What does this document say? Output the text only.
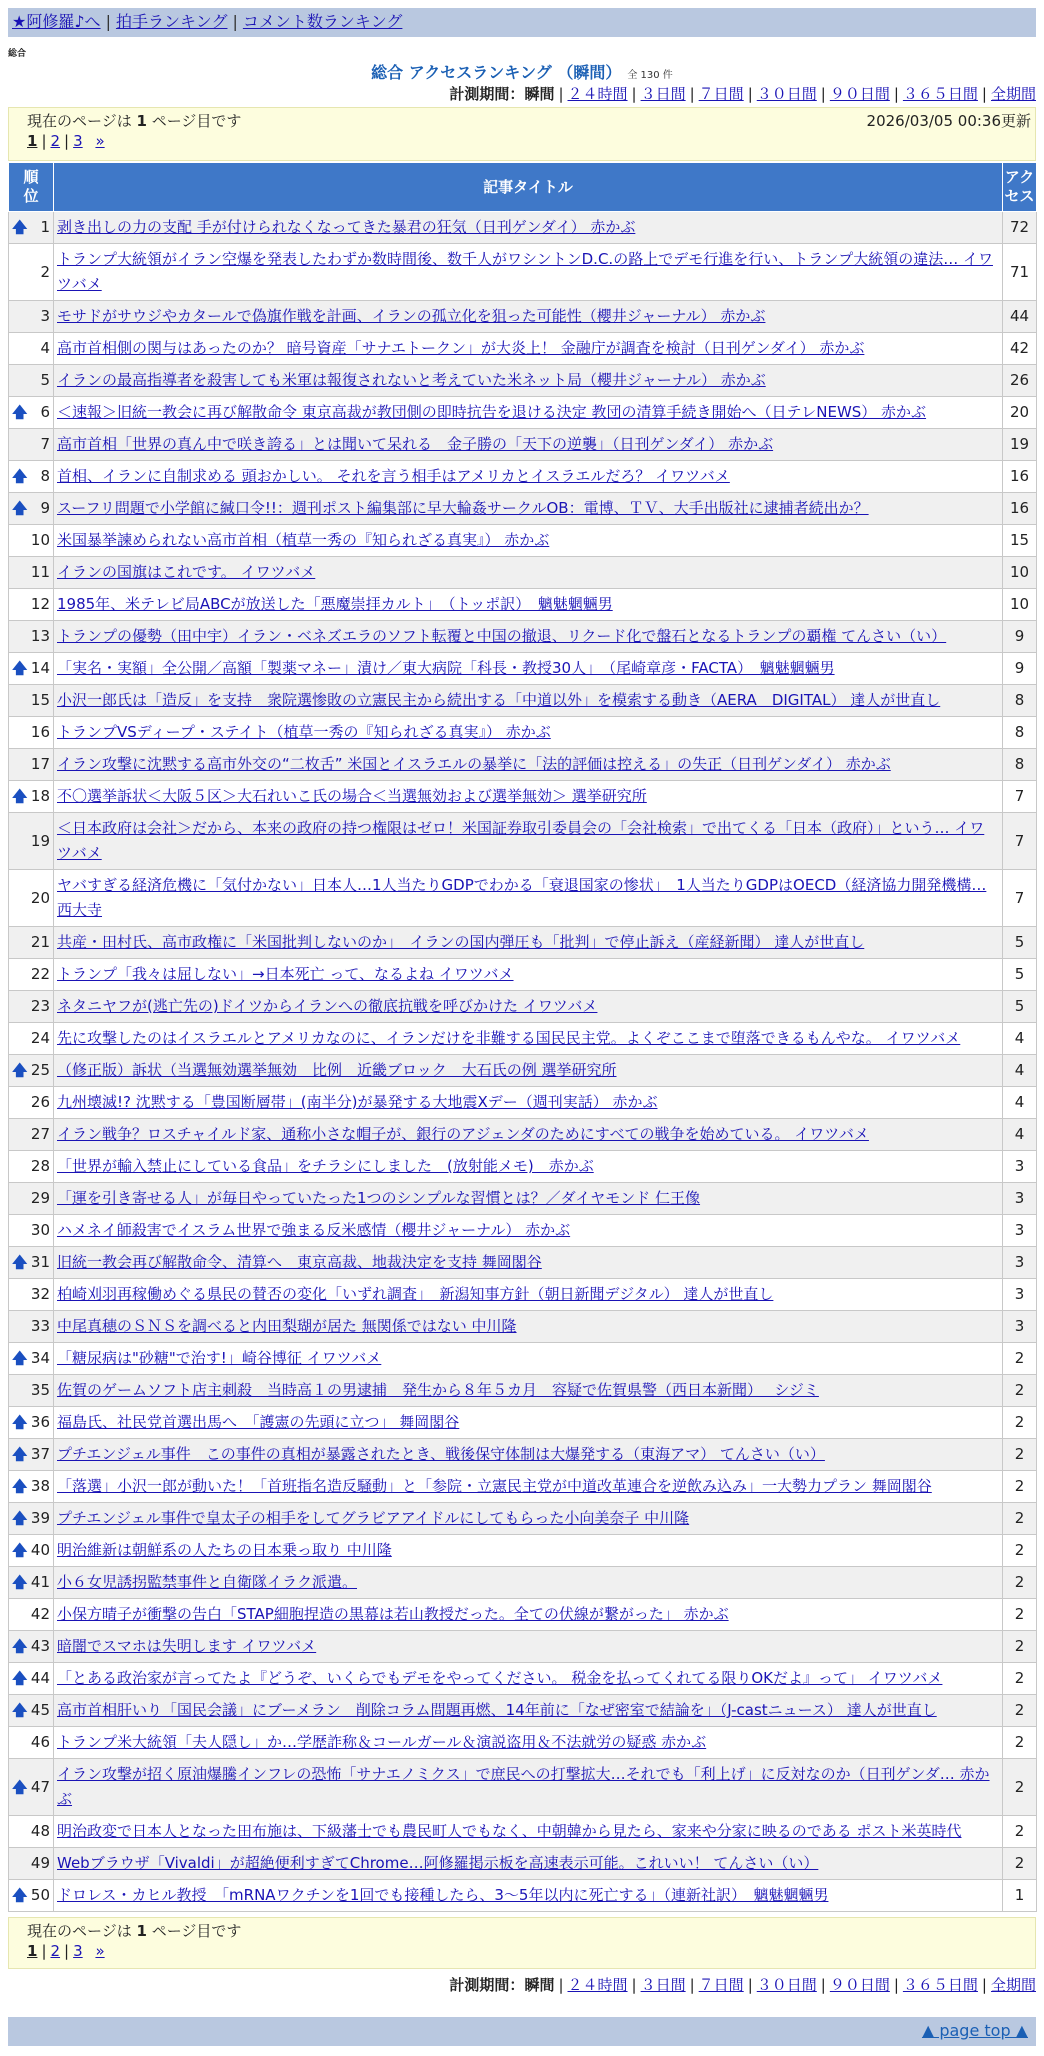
★阿修羅♪へ | 拍手ランキング | コメント数ランキング
総合
総合 アクセスランキング （瞬間） 全 130 件
計測期間：瞬間 | ２４時間 | ３日間 | ７日間 | ３０日間 | ９０日間 | ３６５日間 | 全期間
現在のページは 1 ページ目です	2026/03/05 00:36更新
1 | 2 | 3 »
順
位	記事タイトル	アク
セス

🡅 1	剥き出しの力の支配 手が付けられなくなってきた暴君の狂気（日刊ゲンダイ） 赤かぶ	72
2	トランプ大統領がイラン空爆を発表したわずか数時間後、数千人がワシントンD.C.の路上でデモ行進を行い、トランプ大統領の違法… イワツバメ	71
3	モサドがサウジやカタールで偽旗作戦を計画、イランの孤立化を狙った可能性（櫻井ジャーナル） 赤かぶ	44
4	高市首相側の関与はあったのか？ 暗号資産「サナエトークン」が大炎上！ 金融庁が調査を検討（日刊ゲンダイ） 赤かぶ	42
5	イランの最高指導者を殺害しても米軍は報復されないと考えていた米ネット局（櫻井ジャーナル） 赤かぶ	26

🡅 6	＜速報＞旧統一教会に再び解散命令 東京高裁が教団側の即時抗告を退ける決定 教団の清算手続き開始へ（日テレNEWS） 赤かぶ	20
7	高市首相「世界の真ん中で咲き誇る」とは聞いて呆れる　金子勝の「天下の逆襲」（日刊ゲンダイ） 赤かぶ	19

🡅 8	首相、イランに自制求める 頭おかしい。 それを言う相手はアメリカとイスラエルだろ？ イワツバメ	16

🡅 9	スーフリ問題で小学館に緘口令!!：週刊ポスト編集部に早大輪姦サークルOB：電博、ＴＶ、大手出版社に逮捕者続出か？	16
10	米国暴挙諫められない高市首相（植草一秀の『知られざる真実』） 赤かぶ	15
11	イランの国旗はこれです。 イワツバメ	10
12	1985年、米テレビ局ABCが放送した「悪魔崇拝カルト」　（トッポ訳）　魑魅魍魎男	10
13	トランプの優勢（田中宇）イラン・ベネズエラのソフト転覆と中国の撤退、リクード化で盤石となるトランプの覇権 てんさい（い）	9

🡅 14	「実名・実額」全公開／高額「製薬マネー」漬け／東大病院「科長・教授30人」　（尾崎章彦・FACTA）　魑魅魍魎男	9
15	小沢一郎氏は「造反」を支持　衆院選惨敗の立憲民主から続出する「中道以外」を模索する動き（AERA　DIGITAL） 達人が世直し	8
16	トランプVSディープ・ステイト（植草一秀の『知られざる真実』） 赤かぶ	8
17	イラン攻撃に沈黙する高市外交の“二枚舌” 米国とイスラエルの暴挙に「法的評価は控える」の失正（日刊ゲンダイ） 赤かぶ	8

🡅 18	不〇選挙訴状＜大阪５区＞大石れいこ氏の場合＜当選無効および選挙無効＞ 選挙研究所	7
19	＜日本政府は会社＞だから、本来の政府の持つ権限はゼロ！米国証券取引委員会の「会社検索」で出てくる「日本（政府）」という… イワツバメ	7
20	ヤバすぎる経済危機に「気付かない」日本人…1人当たりGDPでわかる「衰退国家の惨状」　1人当たりGDPはOECD（経済協力開発機構… 西大寺	7
21	共産・田村氏、高市政権に「米国批判しないのか」　イランの国内弾圧も「批判」で停止訴え（産経新聞） 達人が世直し	5
22	トランプ「我々は屈しない」→日本死亡 って、なるよね イワツバメ	5
23	ネタニヤフが(逃亡先の)ドイツからイランへの徹底抗戦を呼びかけた イワツバメ	5
24	先に攻撃したのはイスラエルとアメリカなのに、イランだけを非難する国民民主党。よくぞここまで堕落できるもんやな。 イワツバメ	4

🡅 25	（修正版）訴状（当選無効選挙無効　比例　近畿ブロック　大石氏の例 選挙研究所	4
26	九州壊滅!? 沈黙する「豊国断層帯」(南半分)が暴発する大地震Xデー（週刊実話） 赤かぶ	4
27	イラン戦争？ロスチャイルド家、通称小さな帽子が、銀行のアジェンダのためにすべての戦争を始めている。 イワツバメ	4
28	「世界が輸入禁止にしている食品」をチラシにしました　(放射能メモ)　赤かぶ	3
29	「運を引き寄せる人」が毎日やっていたった1つのシンプルな習慣とは？／ダイヤモンド 仁王像	3
30	ハメネイ師殺害でイスラム世界で強まる反米感情（櫻井ジャーナル） 赤かぶ	3

🡅 31	旧統一教会再び解散命令、清算へ　東京高裁、地裁決定を支持 舞岡閣谷	3
32	柏崎刈羽再稼働めぐる県民の賛否の変化「いずれ調査」　新潟知事方針（朝日新聞デジタル） 達人が世直し	3
33	中尾真穂のＳＮＳを調べると内田梨瑚が居た 無関係ではない 中川隆	3

🡅 34	「糖尿病は"砂糖"で治す!」崎谷博征 イワツバメ	2
35	佐賀のゲームソフト店主刺殺　当時高１の男逮捕　発生から８年５カ月　容疑で佐賀県警（西日本新聞）　 シジミ	2

🡅 36	福島氏、社民党首選出馬へ　「護憲の先頭に立つ」 舞岡閣谷	2

🡅 37	プチエンジェル事件　この事件の真相が暴露されたとき、戦後保守体制は大爆発する（東海アマ） てんさい（い）	2

🡅 38	「落選」小沢一郎が動いた！「首班指名造反騒動」と「参院・立憲民主党が中道改革連合を逆飲み込み」一大勢力プラン 舞岡閣谷	2

🡅 39	プチエンジェル事件で皇太子の相手をしてグラビアアイドルにしてもらった小向美奈子 中川隆	2

🡅 40	明治維新は朝鮮系の人たちの日本乗っ取り 中川隆	2

🡅 41	小６女児誘拐監禁事件と自衛隊イラク派遣。	2
42	小保方晴子が衝撃の告白「STAP細胞捏造の黒幕は若山教授だった。全ての伏線が繋がった」 赤かぶ	2

🡅 43	暗闇でスマホは失明します イワツバメ	2

🡅 44	「とある政治家が言ってたよ『どうぞ、いくらでもデモをやってください。 税金を払ってくれてる限りOKだよ』って」 イワツバメ	2

🡅 45	高市首相肝いり「国民会議」にブーメラン　削除コラム問題再燃、14年前に「なぜ密室で結論を」（J-castニュース） 達人が世直し	2
46	トランプ米大統領「夫人隠し」か…学歴詐称＆コールガール＆演説盗用＆不法就労の疑惑 赤かぶ	2

🡅 47	イラン攻撃が招く原油爆騰インフレの恐怖「サナエノミクス」で庶民への打撃拡大…それでも「利上げ」に反対なのか（日刊ゲンダ… 赤かぶ	2
48	明治政変で日本人となった田布施は、下級藩士でも農民町人でもなく、中朝韓から見たら、家来や分家に映るのである ポスト米英時代	2
49	Webブラウザ「Vivaldi」が超絶便利すぎてChrome…阿修羅掲示板を高速表示可能。これいい！ てんさい（い）	2

🡅 50	ドロレス・カヒル教授　「mRNAワクチンを1回でも接種したら、3〜5年以内に死亡する」（連新社訳）　魑魅魍魎男	1
現在のページは 1 ページ目です
1 | 2 | 3 »
計測期間：瞬間 | ２４時間 | ３日間 | ７日間 | ３０日間 | ９０日間 | ３６５日間 | 全期間
▲ page top ▲
